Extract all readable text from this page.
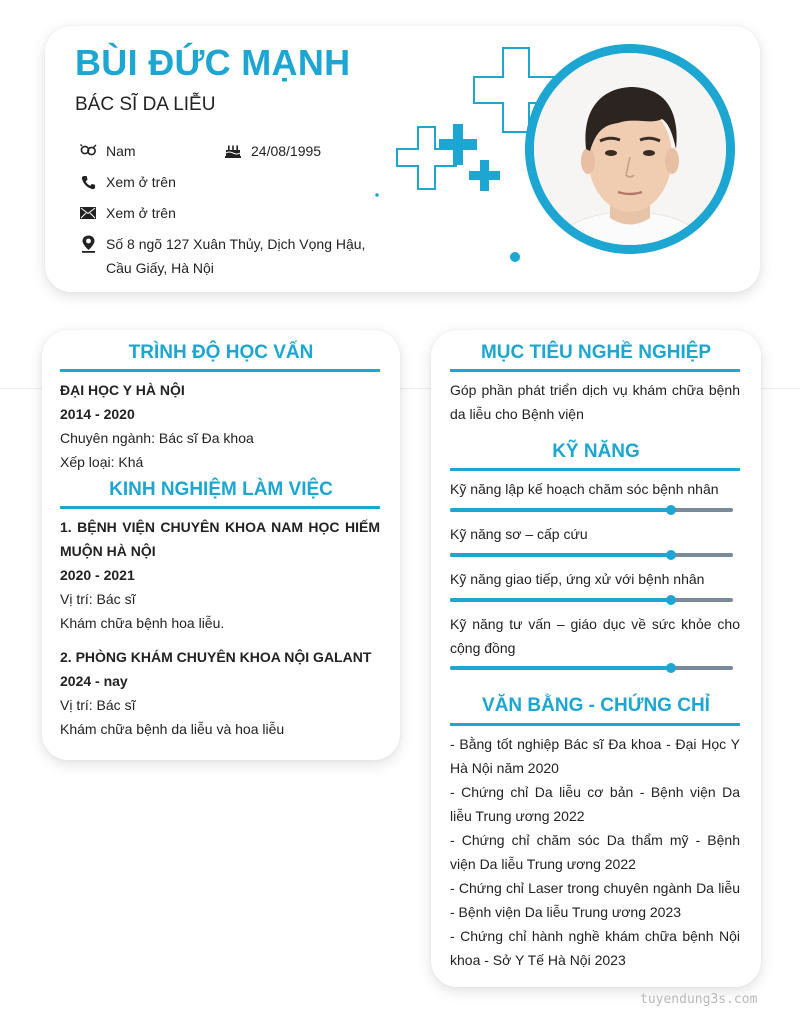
BÙI ĐỨC MẠNH
BÁC SĨ DA LIỄU
Nam	24/08/1995
Xem ở trên
Xem ở trên
Số 8 ngõ 127 Xuân Thủy, Dịch Vọng Hậu, Cầu Giấy, Hà Nội
TRÌNH ĐỘ HỌC VẤN
ĐẠI HỌC Y HÀ NỘI
2014 - 2020
Chuyên ngành: Bác sĩ Đa khoa
Xếp loại: Khá
KINH NGHIỆM LÀM VIỆC
1. BỆNH VIỆN CHUYÊN KHOA NAM HỌC HIẾM MUỘN HÀ NỘI
2020 - 2021
Vị trí: Bác sĩ
Khám chữa bệnh hoa liễu.
2. PHÒNG KHÁM CHUYÊN KHOA NỘI GALANT
2024 - nay
Vị trí: Bác sĩ
Khám chữa bệnh da liễu và hoa liễu
MỤC TIÊU NGHỀ NGHIỆP
Góp phần phát triển dịch vụ khám chữa bệnh da liễu cho Bệnh viện
KỸ NĂNG
Kỹ năng lập kế hoạch chăm sóc bệnh nhân
Kỹ năng sơ – cấp cứu
Kỹ năng giao tiếp, ứng xử với bệnh nhân
Kỹ năng tư vấn – giáo dục về sức khỏe cho cộng đồng
VĂN BẰNG - CHỨNG CHỈ
- Bằng tốt nghiệp Bác sĩ Đa khoa - Đại Học Y Hà Nội năm 2020
- Chứng chỉ Da liễu cơ bản - Bệnh viện Da liễu Trung ương 2022
- Chứng chỉ chăm sóc Da thẩm mỹ - Bệnh viện Da liễu Trung ương 2022
- Chứng chỉ Laser trong chuyên ngành Da liễu - Bệnh viện Da liễu Trung ương 2023
- Chứng chỉ hành nghề khám chữa bệnh Nội khoa - Sở Y Tế Hà Nội 2023
tuyendung3s.com
